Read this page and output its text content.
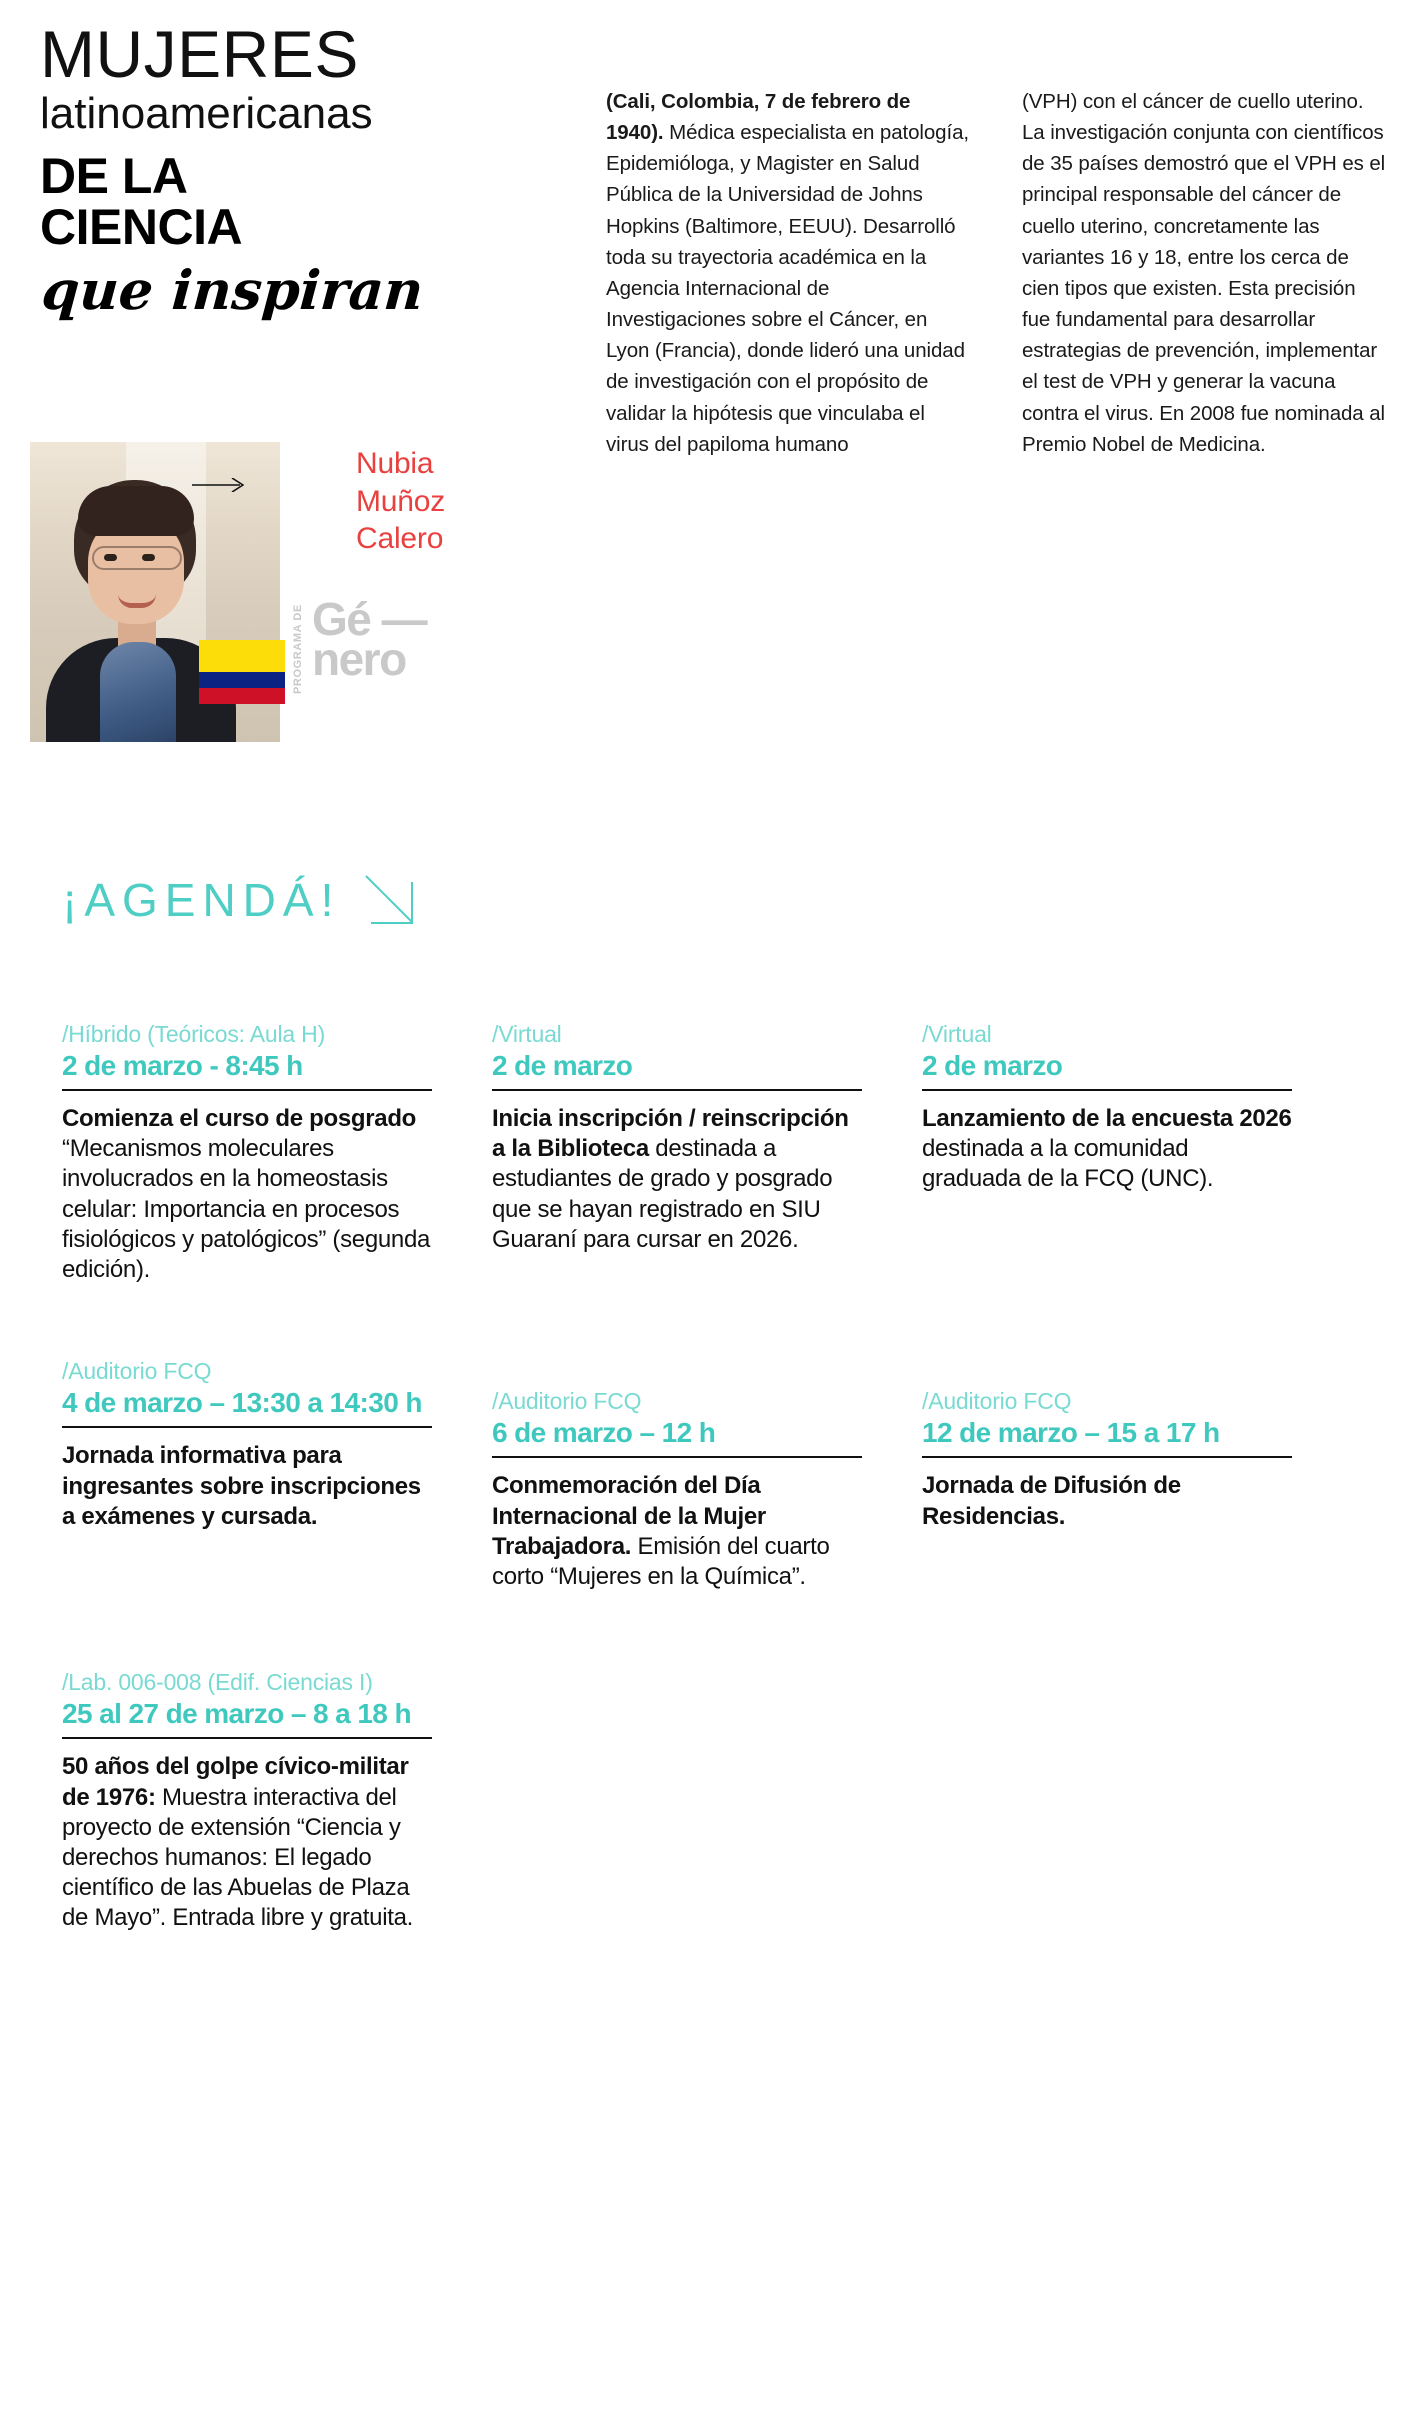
MUJERES
latinoamericanas
DE LA
CIENCIA
que inspiran
Nubia
Muñoz
Calero
PROGRAMA DE Gé —
nero
(Cali, Colombia, 7 de febrero de 1940). Médica especialista en patología, Epidemióloga, y Magister en Salud Pública de la Universidad de Johns Hopkins (Baltimore, EEUU). Desarrolló toda su trayectoria académica en la Agencia Internacional de Investigaciones sobre el Cáncer, en Lyon (Francia), donde lideró una unidad de investigación con el propósito de validar la hipótesis que vinculaba el virus del papiloma humano
(VPH) con el cáncer de cuello uterino. La investigación conjunta con científicos de 35 países demostró que el VPH es el principal responsable del cáncer de cuello uterino, concretamente las variantes 16 y 18, entre los cerca de cien tipos que existen. Esta precisión fue fundamental para desarrollar estrategias de prevención, implementar el test de VPH y generar la vacuna contra el virus. En 2008 fue nominada al Premio Nobel de Medicina.
¡AGENDÁ!
/Híbrido (Teóricos: Aula H)
2 de marzo - 8:45 h
Comienza el curso de posgrado “Mecanismos moleculares involucrados en la homeostasis celular: Importancia en procesos fisiológicos y patológicos” (segunda edición).
/Virtual
2 de marzo
Inicia inscripción / reinscripción a la Biblioteca destinada a estudiantes de grado y posgrado que se hayan registrado en SIU Guaraní para cursar en 2026.
/Virtual
2 de marzo
Lanzamiento de la encuesta 2026 destinada a la comunidad graduada de la FCQ (UNC).
/Auditorio FCQ
4 de marzo – 13:30 a 14:30 h
Jornada informativa para ingresantes sobre inscripciones a exámenes y cursada.
/Auditorio FCQ
6 de marzo – 12 h
Conmemoración del Día Internacional de la Mujer Trabajadora. Emisión del cuarto corto “Mujeres en la Química”.
/Auditorio FCQ
12 de marzo – 15 a 17 h
Jornada de Difusión de Residencias.
/Lab. 006-008 (Edif. Ciencias I)
25 al 27 de marzo – 8 a 18 h
50 años del golpe cívico-militar de 1976: Muestra interactiva del proyecto de extensión “Ciencia y derechos humanos: El legado científico de las Abuelas de Plaza de Mayo”. Entrada libre y gratuita.
